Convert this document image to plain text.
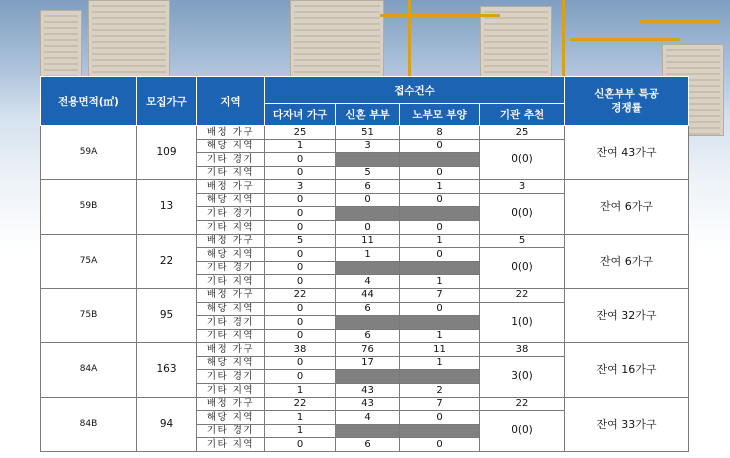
전용면적(㎡)	모집가구	지역	접수건수				신혼부부 특공
경쟁률
			다자녀 가구	신혼 부부	노부모 부양	기관 추천	
59A	109	배정 가구	25	51	8	25	잔여 43가구
		해당 지역	1	3	0	0(0)	
		기타 경기	0				
		기타 지역	0	5	0		
59B	13	배정 가구	3	6	1	3	잔여 6가구
		해당 지역	0	0	0	0(0)	
		기타 경기	0				
		기타 지역	0	0	0		
75A	22	배정 가구	5	11	1	5	잔여 6가구
		해당 지역	0	1	0	0(0)	
		기타 경기	0				
		기타 지역	0	4	1		
75B	95	배정 가구	22	44	7	22	잔여 32가구
		해당 지역	0	6	0	1(0)	
		기타 경기	0				
		기타 지역	0	6	1		
84A	163	배정 가구	38	76	11	38	잔여 16가구
		해당 지역	0	17	1	3(0)	
		기타 경기	0				
		기타 지역	1	43	2		
84B	94	배정 가구	22	43	7	22	잔여 33가구
		해당 지역	1	4	0	0(0)	
		기타 경기	1				
		기타 지역	0	6	0		
